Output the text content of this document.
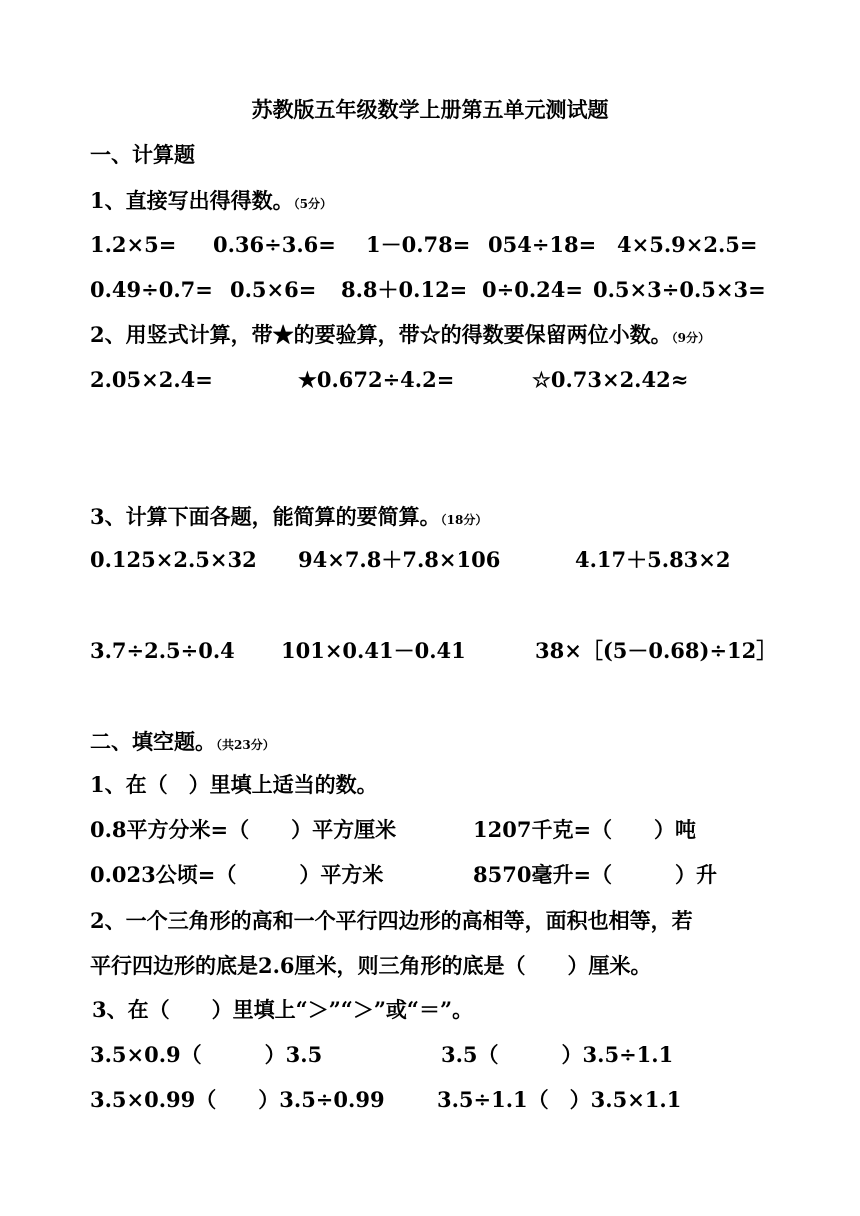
苏教版五年级数学上册第五单元测试题
一、计算题
1、直接写出得得数。（5分）
1.2×5= 0.36÷3.6= 1－0.78= 054÷18= 4×5.9×2.5=
0.49÷0.7= 0.5×6= 8.8＋0.12= 0÷0.24= 0.5×3÷0.5×3=
2、用竖式计算，带★的要验算，带☆的得数要保留两位小数。（9分）
2.05×2.4=	★0.672÷4.2=	☆0.73×2.42≈
3、计算下面各题，能简算的要简算。（18分）
0.125×2.5×32 94×7.8＋7.8×106	4.17＋5.83×2
3.7÷2.5÷0.4 101×0.41－0.41	38×［(5－0.68)÷12］
二、填空题。（共23分）
1、在（　）里填上适当的数。
0.8平方分米=（　　）平方厘米	1207千克=（　　）吨
0.023公顷=（　　　）平方米	8570毫升=（　　　）升
2、一个三角形的高和一个平行四边形的高相等，面积也相等，若
平行四边形的底是2.6厘米，则三角形的底是（　　）厘米。
3、在（　　）里填上“＞”“＞”或“＝”。
3.5×0.9（　　　）3.5	3.5（　　　）3.5÷1.1
3.5×0.99（　　）3.5÷0.99 3.5÷1.1（　）3.5×1.1
